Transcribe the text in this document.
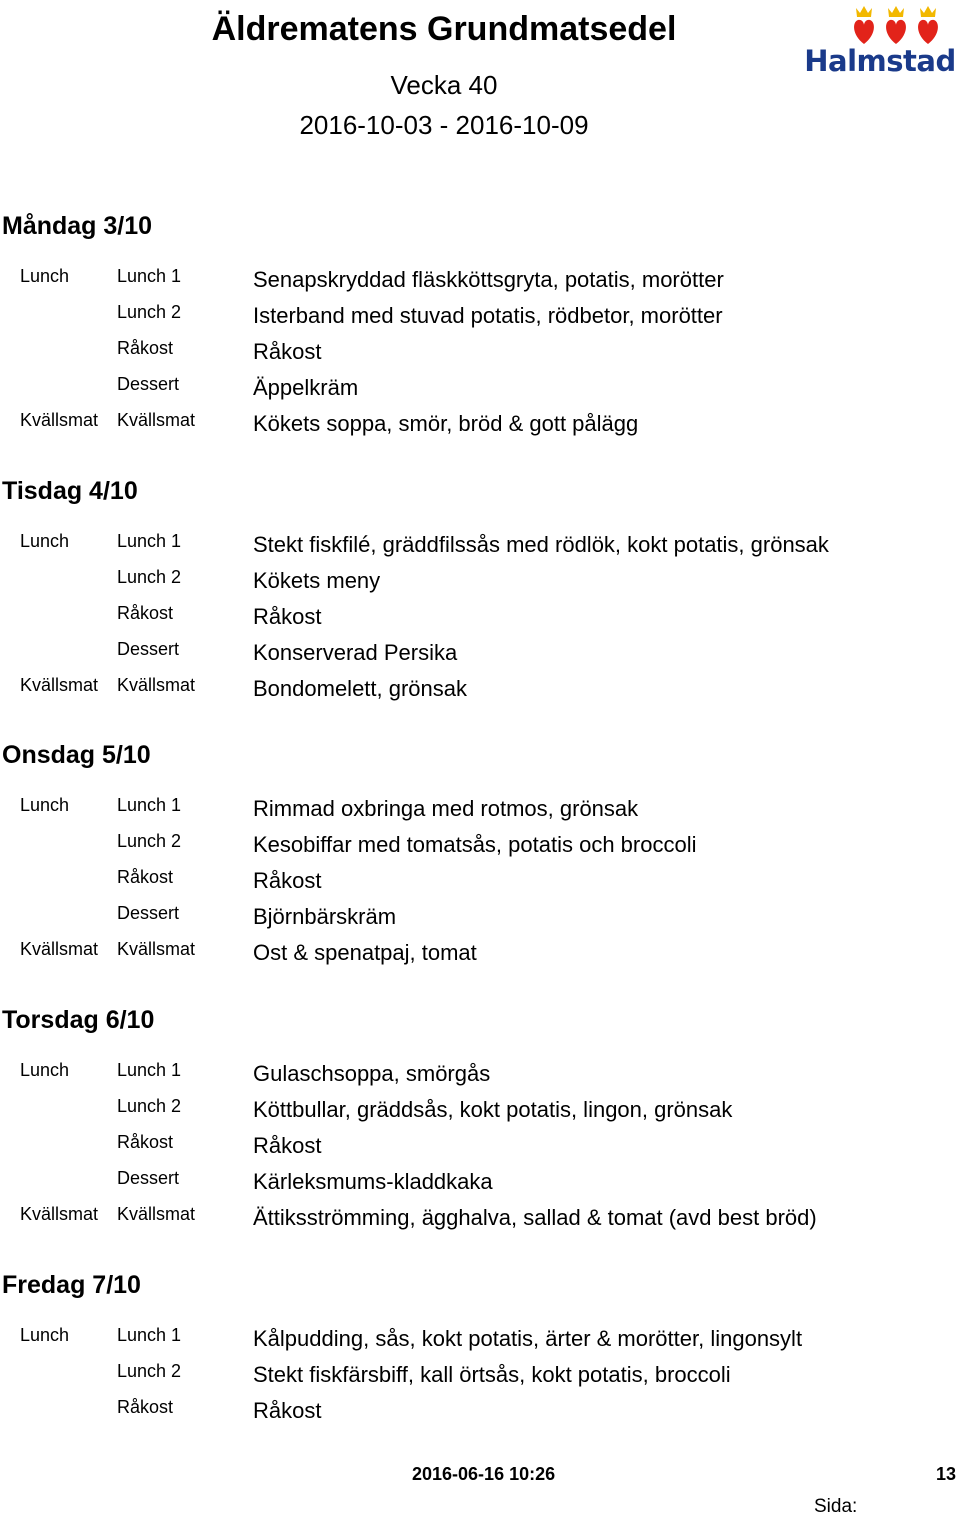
Äldrematens Grundmatsedel
Vecka 40
2016-10-03 - 2016-10-09
Halmstad
Måndag 3/10
Lunch	Lunch 1	Senapskryddad fläskköttsgryta, potatis, morötter
Lunch 2	Isterband med stuvad potatis, rödbetor, morötter
Råkost	Råkost
Dessert	Äppelkräm
Kvällsmat Kvällsmat	Kökets soppa, smör, bröd & gott pålägg
Tisdag 4/10
Lunch	Lunch 1	Stekt fiskfilé, gräddfilssås med rödlök, kokt potatis, grönsak
Lunch 2	Kökets meny
Råkost	Råkost
Dessert	Konserverad Persika
Kvällsmat Kvällsmat	Bondomelett, grönsak
Onsdag 5/10
Lunch	Lunch 1	Rimmad oxbringa med rotmos, grönsak
Lunch 2	Kesobiffar med tomatsås, potatis och broccoli
Råkost	Råkost
Dessert	Björnbärskräm
Kvällsmat Kvällsmat	Ost & spenatpaj, tomat
Torsdag 6/10
Lunch	Lunch 1	Gulaschsoppa, smörgås
Lunch 2	Köttbullar, gräddsås, kokt potatis, lingon, grönsak
Råkost	Råkost
Dessert	Kärleksmums-kladdkaka
Kvällsmat Kvällsmat	Ättiksströmming, ägghalva, sallad & tomat (avd best bröd)
Fredag 7/10
Lunch	Lunch 1	Kålpudding, sås, kokt potatis, ärter & morötter, lingonsylt
Lunch 2	Stekt fiskfärsbiff, kall örtsås, kokt potatis, broccoli
Råkost	Råkost
2016-06-16 10:26	13
Sida:
